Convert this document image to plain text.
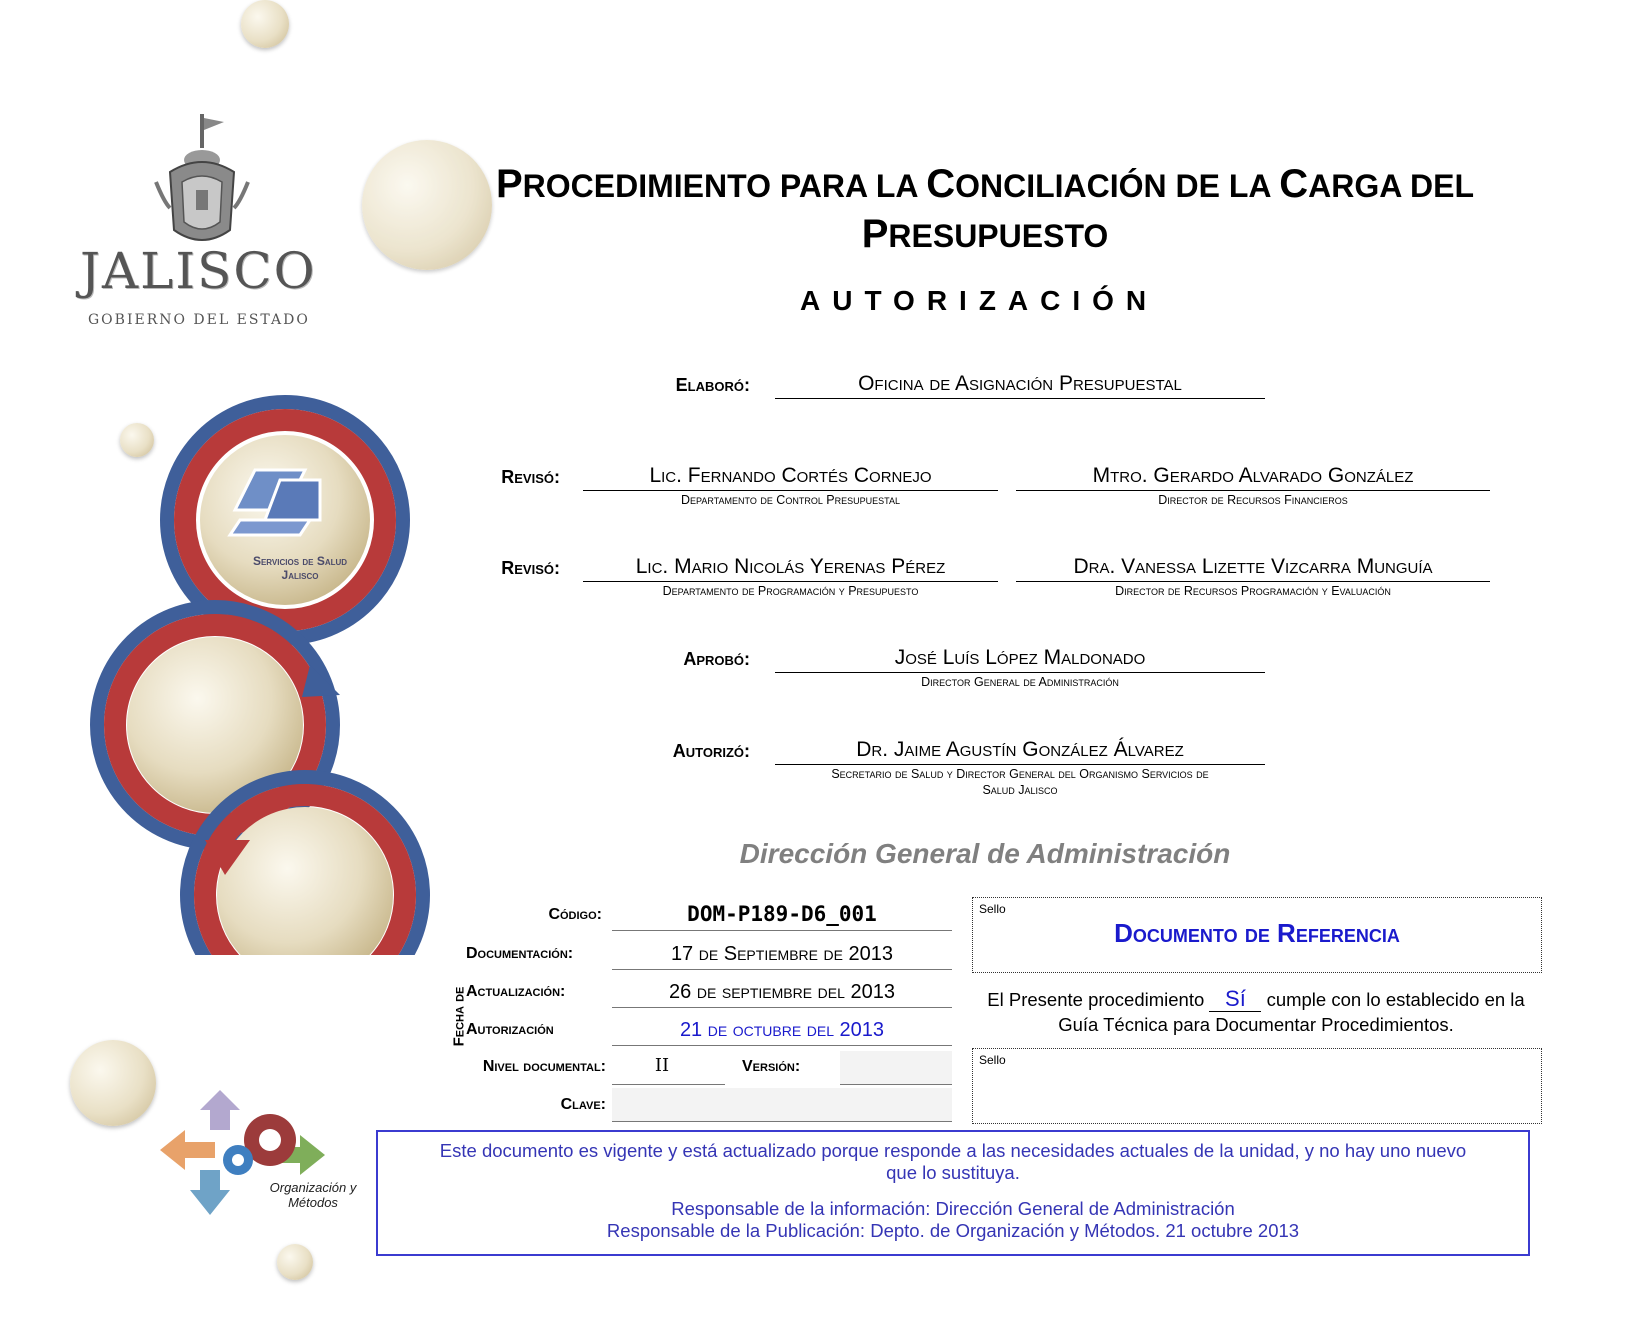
JALISCO
GOBIERNO DEL ESTADO
Servicios de Salud
Jalisco
Organización y
Métodos
PROCEDIMIENTO PARA LA CONCILIACIÓN DE LA CARGA DEL
PRESUPUESTO
AUTORIZACIÓN
Elaboró:	Oficina de Asignación Presupuestal
Revisó:	Lic. Fernando Cortés Cornejo
Departamento de Control Presupuestal
Mtro. Gerardo Alvarado González
Director de Recursos Financieros
Revisó:	Lic. Mario Nicolás Yerenas Pérez
Departamento de Programación y Presupuesto
Dra. Vanessa Lizette Vizcarra Munguía
Director de Recursos Programación y Evaluación
Aprobó:	José Luís López Maldonado
Director General de Administración
Autorizó:	Dr. Jaime Agustín González Álvarez
Secretario de Salud y Director General del Organismo Servicios de
Salud Jalisco
Dirección General de Administración
Código:	DOM-P189-D6_001
Fecha de
Documentación:	17 de Septiembre de 2013
Actualización:	26 de septiembre del 2013
Autorización	21 de octubre del 2013
Nivel documental:	II	Versión:
Clave:
Sello
Documento de Referencia
El Presente procedimiento Sí cumple con lo establecido en la
Guía Técnica para Documentar Procedimientos.
Sello
Este documento es vigente y está actualizado porque responde a las necesidades actuales de la unidad, y no hay uno nuevo
que lo sustituya.
Responsable de la información: Dirección General de Administración
Responsable de la Publicación: Depto. de Organización y Métodos. 21 octubre 2013
